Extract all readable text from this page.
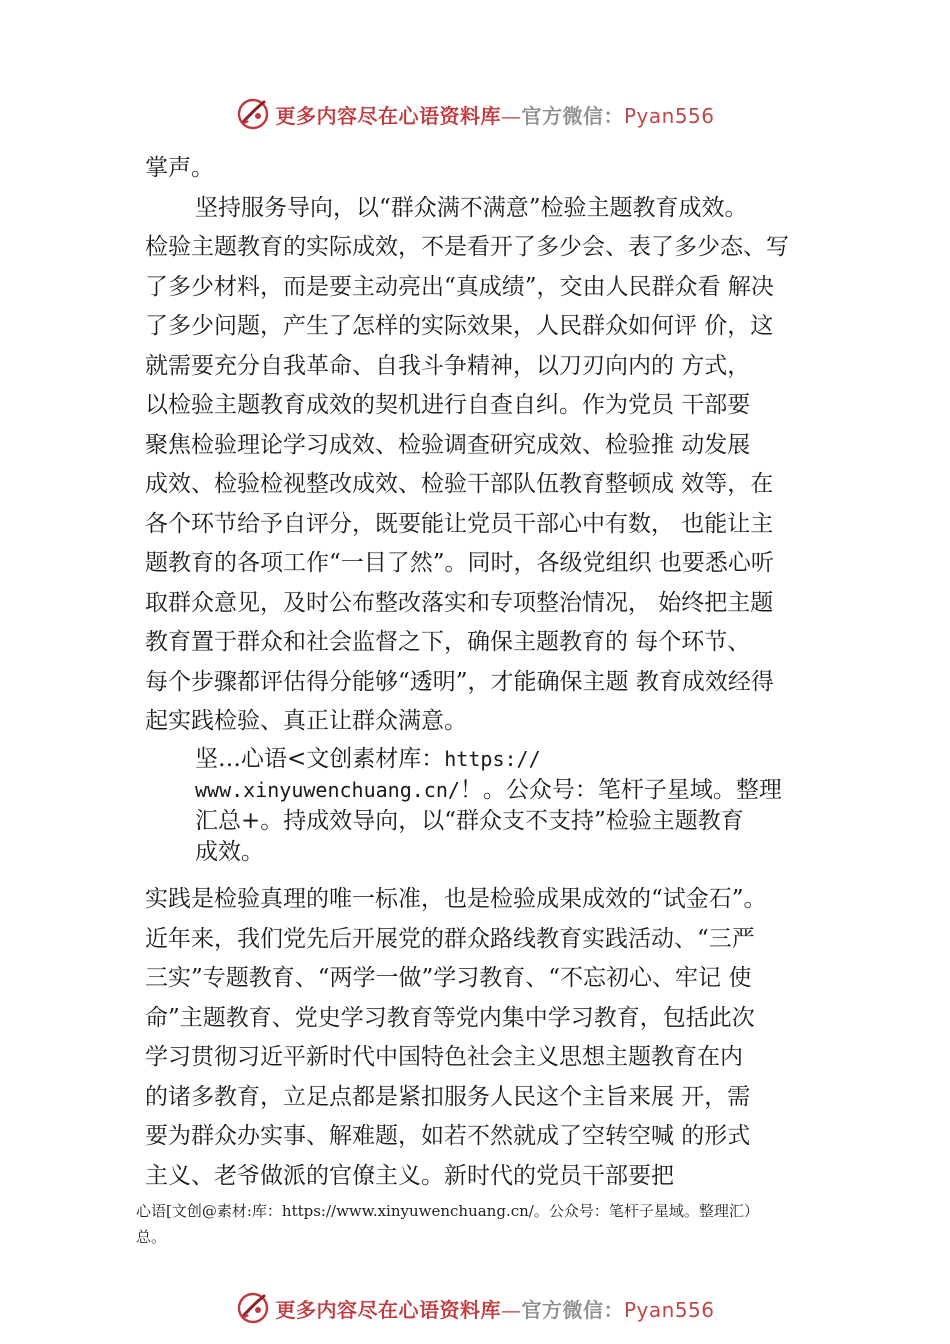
更多内容尽在心语资料库—官方微信：Pyan556
掌声。
坚持服务导向，以“群众满不满意”检验主题教育成效。
检验主题教育的实际成效，不是看开了多少会、表了多少态、写
了多少材料，而是要主动亮出“真成绩”，交由人民群众看 解决
了多少问题，产生了怎样的实际效果，人民群众如何评 价，这
就需要充分自我革命、自我斗争精神，以刀刃向内的 方式，
以检验主题教育成效的契机进行自查自纠。作为党员 干部要
聚焦检验理论学习成效、检验调查研究成效、检验推 动发展
成效、检验检视整改成效、检验干部队伍教育整顿成 效等，在
各个环节给予自评分，既要能让党员干部心中有数， 也能让主
题教育的各项工作“一目了然”。同时，各级党组织 也要悉心听
取群众意见，及时公布整改落实和专项整治情况， 始终把主题
教育置于群众和社会监督之下，确保主题教育的 每个环节、
每个步骤都评估得分能够“透明”，才能确保主题 教育成效经得
起实践检验、真正让群众满意。
坚…心语<文创素材库：https://
www.xinyuwenchuang.cn/！。公众号：笔杆子星域。整理
汇总+。持成效导向，以“群众支不支持”检验主题教育
成效。
实践是检验真理的唯一标准，也是检验成果成效的“试金石”。
近年来，我们党先后开展党的群众路线教育实践活动、“三严
三实”专题教育、“两学一做”学习教育、“不忘初心、牢记 使
命”主题教育、党史学习教育等党内集中学习教育，包括此次
学习贯彻习近平新时代中国特色社会主义思想主题教育在内
的诸多教育，立足点都是紧扣服务人民这个主旨来展 开，需
要为群众办实事、解难题，如若不然就成了空转空喊 的形式
主义、老爷做派的官僚主义。新时代的党员干部要把
心语[文创@素材:库：https://www.xinyuwenchuang.cn/。公众号：笔杆子星域。整理汇）
总。
更多内容尽在心语资料库—官方微信：Pyan556
